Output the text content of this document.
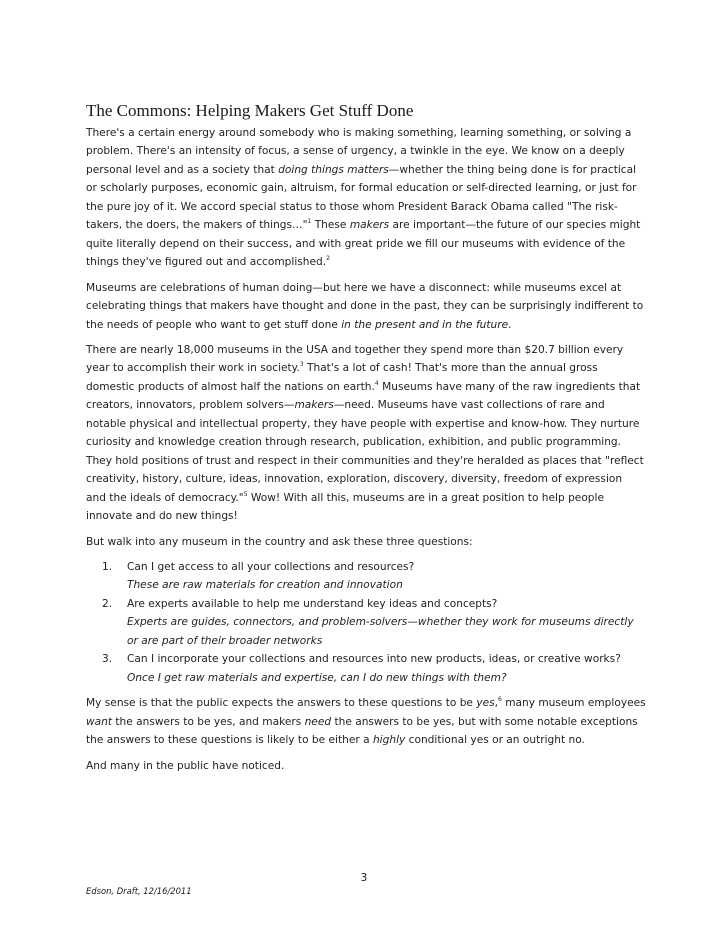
The Commons: Helping Makers Get Stuff Done

There's a certain energy around somebody who is making something, learning something, or solving a
problem. There's an intensity of focus, a sense of urgency, a twinkle in the eye. We know on a deeply
personal level and as a society that doing things matters—whether the thing being done is for practical
or scholarly purposes, economic gain, altruism, for formal education or self-directed learning, or just for
the pure joy of it. We accord special status to those whom President Barack Obama called "The risk-
takers, the doers, the makers of things…"$^1$ These makers are important—the future of our species might
quite literally depend on their success, and with great pride we fill our museums with evidence of the
things they've figured out and accomplished.$^2$

Museums are celebrations of human doing—but here we have a disconnect: while museums excel at
celebrating things that makers have thought and done in the past, they can be surprisingly indifferent to
the needs of people who want to get stuff done in the present and in the future.

There are nearly 18,000 museums in the USA and together they spend more than $20.7 billion every
year to accomplish their work in society.$^3$ That's a lot of cash! That's more than the annual gross
domestic products of almost half the nations on earth.$^4$ Museums have many of the raw ingredients that
creators, innovators, problem solvers—makers—need. Museums have vast collections of rare and
notable physical and intellectual property, they have people with expertise and know-how. They nurture
curiosity and knowledge creation through research, publication, exhibition, and public programming.
They hold positions of trust and respect in their communities and they're heralded as places that "reflect
creativity, history, culture, ideas, innovation, exploration, discovery, diversity, freedom of expression
and the ideals of democracy."$^5$ Wow! With all this, museums are in a great position to help people
innovate and do new things!

But walk into any museum in the country and ask these three questions:

1. Can I get access to all your collections and resources?
These are raw materials for creation and innovation
2. Are experts available to help me understand key ideas and concepts?
Experts are guides, connectors, and problem-solvers—whether they work for museums directly
or are part of their broader networks
3. Can I incorporate your collections and resources into new products, ideas, or creative works?
Once I get raw materials and expertise, can I do new things with them?

My sense is that the public expects the answers to these questions to be yes,$^6$ many museum employees
want the answers to be yes, and makers need the answers to be yes, but with some notable exceptions
the answers to these questions is likely to be either a highly conditional yes or an outright no.

And many in the public have noticed.

3
Edson, Draft, 12/16/2011
